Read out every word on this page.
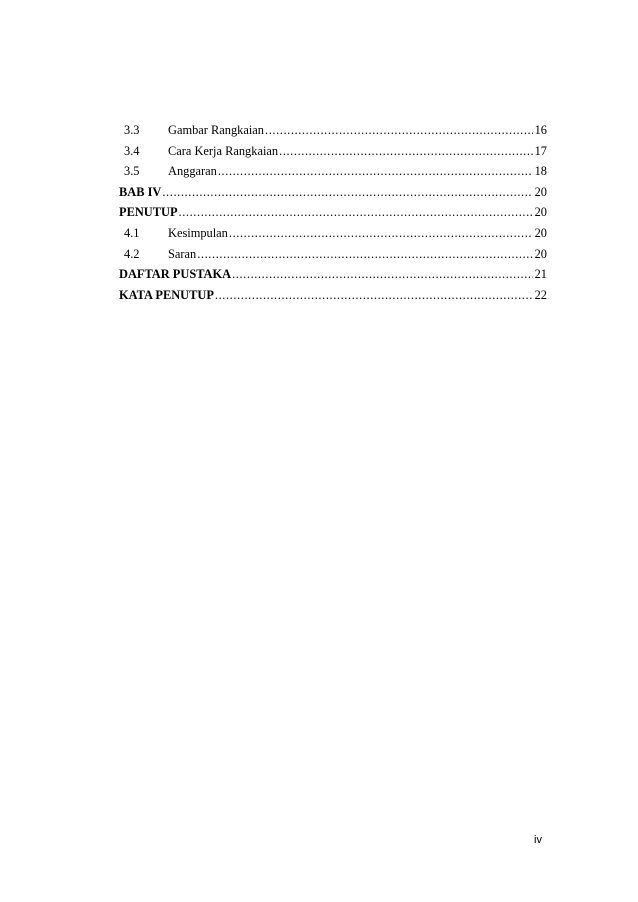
3.3	Gambar Rangkaian .....	16
3.4	Cara Kerja Rangkaian .....	17
3.5	Anggaran .....	18
BAB IV .....	20
PENUTUP .....	20
4.1	Kesimpulan .....	20
4.2	Saran .....	20
DAFTAR PUSTAKA .....	21
KATA PENUTUP .....	22
iv
